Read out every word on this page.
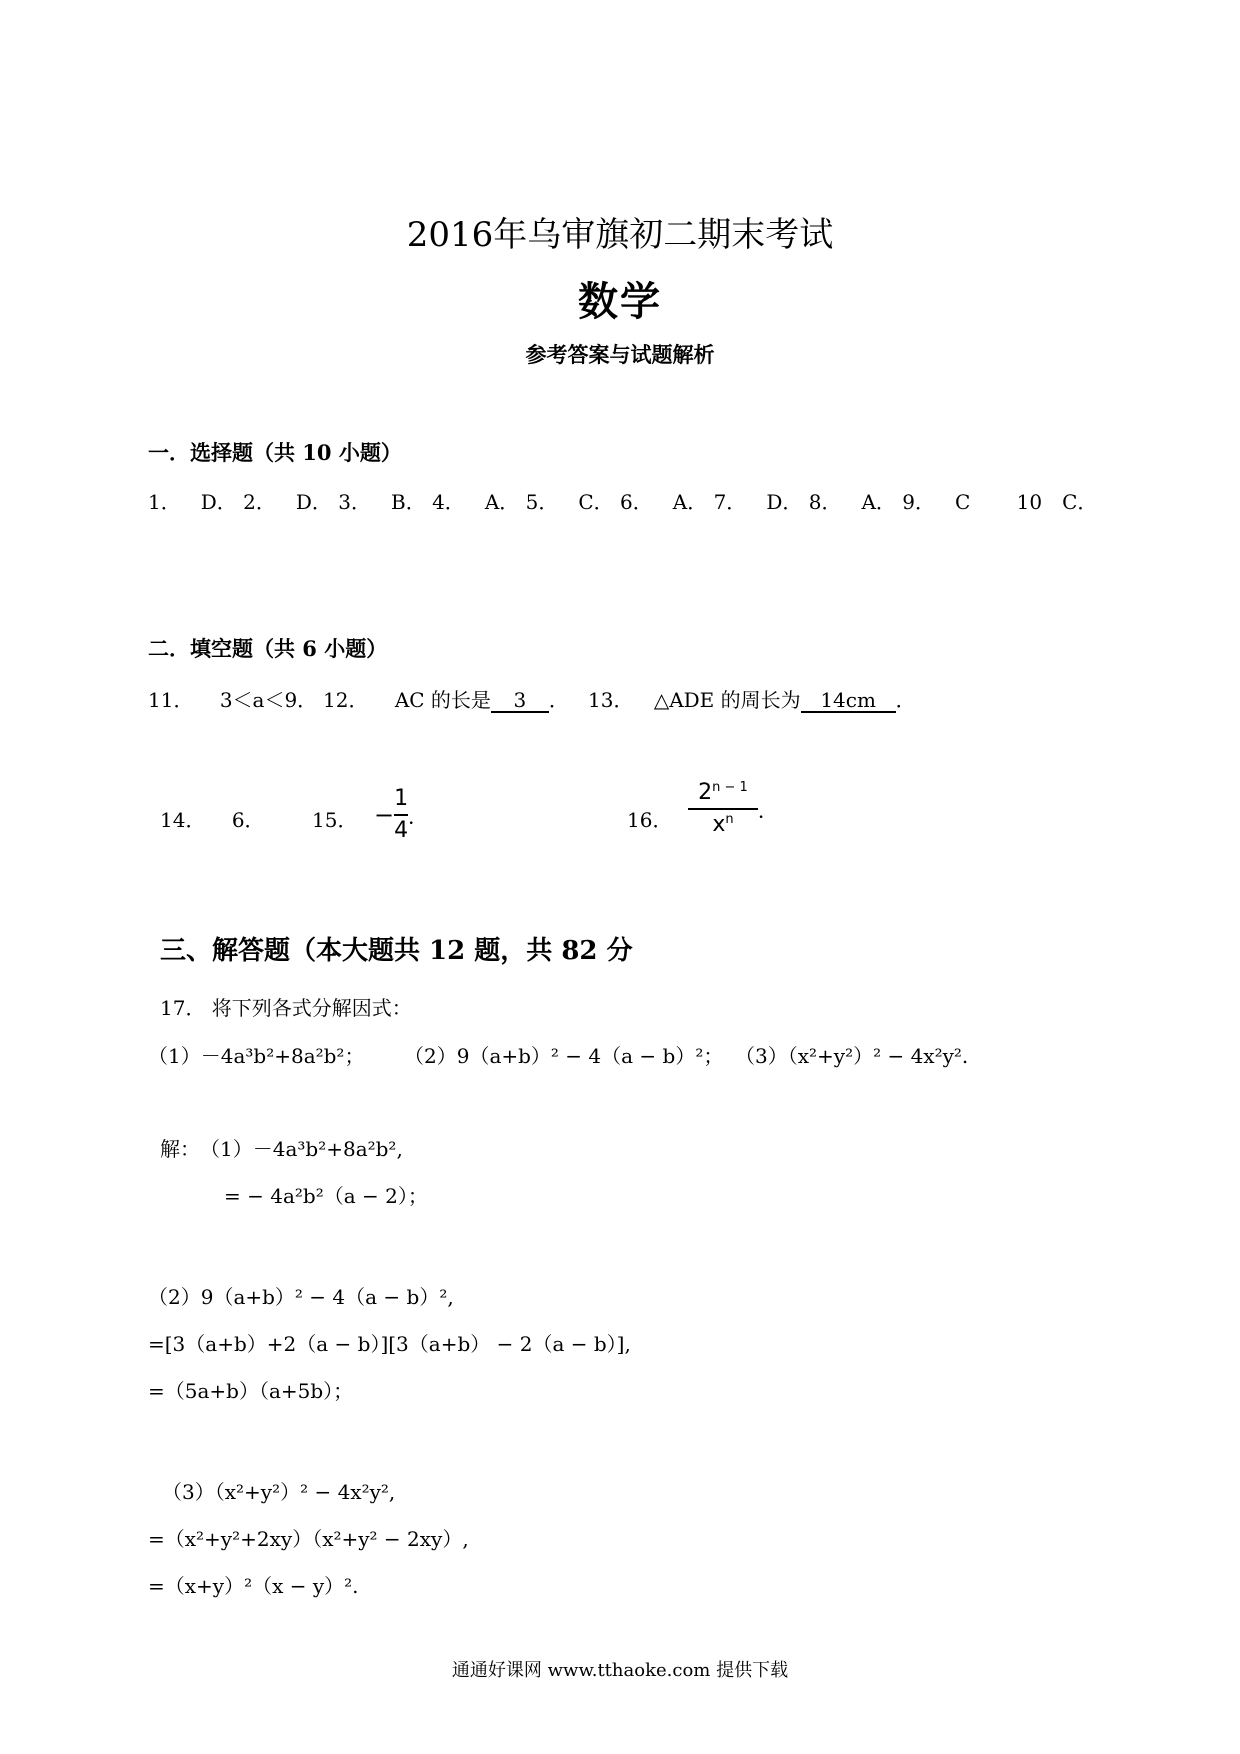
2016年乌审旗初二期末考试
数学
参考答案与试题解析
一．选择题（共 10 小题）
1． D． 2． D． 3． B． 4． A． 5． C． 6． A． 7． D． 8． A． 9． C 10 C．
二．填空题（共 6 小题）
11． 3＜a＜9． 12． AC 的长是 3 ． 13． △ADE 的周长为 14cm ．
14． 6． 15． − $\frac{1}{4}$ ．	16． $\frac{2^{n - 1}}{x^n}$ ．
三、解答题（本大题共 12 题，共 82 分
17． 将下列各式分解因式：
（1）－4a³b²+8a²b²； （2）9（a+b）² − 4（a − b）²； （3）（x²+y²）² − 4x²y².
解： （1）－4a³b²+8a²b²,
= − 4a²b²（a − 2）；
（2）9（a+b）² − 4（a − b）²,
=[3（a+b）+2（a − b）][3（a+b） − 2（a − b）],
=（5a+b）（a+5b）；
（3）（x²+y²）² − 4x²y²,
=（x²+y²+2xy）（x²+y² − 2xy）,
=（x+y）²（x − y）².
通通好课网 www.tthaoke.com 提供下载
